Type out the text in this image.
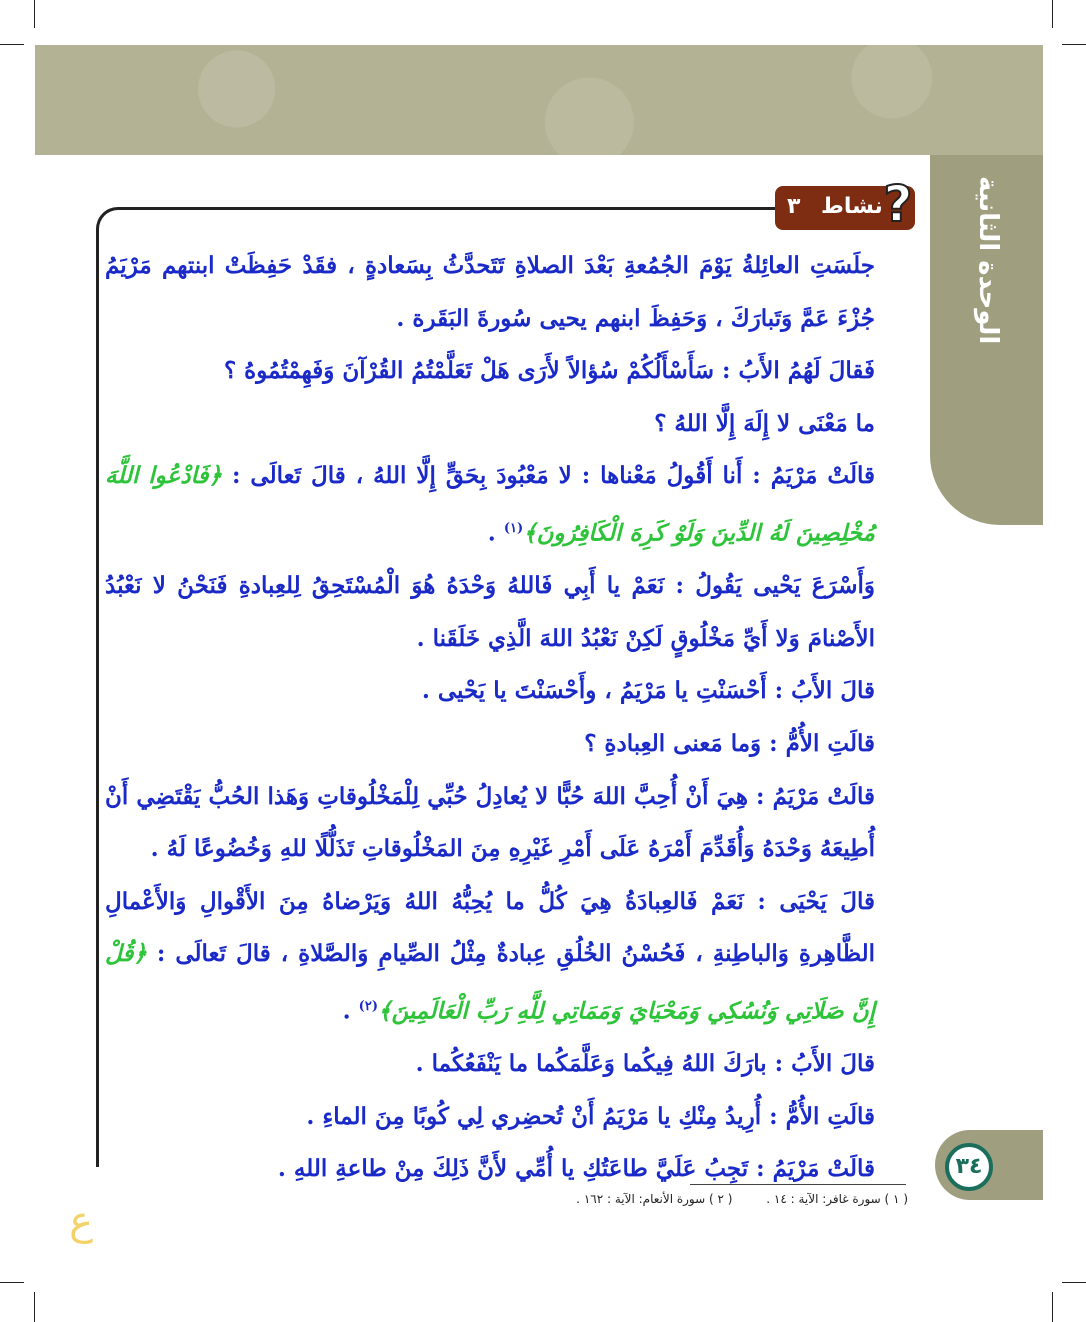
الوحدة الثانية
٣ نشاط ?

جلَسَتِ العائِلةُ يَوْمَ الجُمُعةِ بَعْدَ الصلاةِ تَتَحدَّثُ بِسَعادةٍ ، فقَدْ حَفِظَتْ ابنتهم مَرْيَمُ جُزْءَ عَمَّ وَتَبارَكَ ، وَحَفِظَ ابنهم يحيى سُورةَ البَقَرة .

فَقالَ لَهُمُ الأَبُ : سَأَسْأَلُكُمْ سُؤالاً لأَرَى هَلْ تَعَلَّمْتُمُ القُرْآنَ وَفَهِمْتُمُوهُ ؟

ما مَعْنَى لا إِلَهَ إِلَّا اللهُ ؟

قالَتْ مَرْيَمُ : أَنا أَقُولُ مَعْناها : لا مَعْبُودَ بِحَقٍّ إِلَّا اللهُ ، قالَ تَعالَى : ﴿فَادْعُوا اللَّهَ مُخْلِصِينَ لَهُ الدِّينَ وَلَوْ كَرِهَ الْكَافِرُونَ﴾$^{(١)}$ .

وَأَسْرَعَ يَحْيى يَقُولُ : نَعَمْ يا أَبِي فَاللهُ وَحْدَهُ هُوَ الْمُسْتَحِقُ لِلعِبادةِ فَنَحْنُ لا نَعْبُدُ الأَصْنامَ وَلا أَيِّ مَخْلُوقٍ لَكِنْ نَعْبُدُ اللهَ الَّذِي خَلَقَنا .

قالَ الأَبُ : أَحْسَنْتِ يا مَرْيَمُ ، وأَحْسَنْتَ يا يَحْيى .

قالَتِ الأُمُّ : وَما مَعنى العِبادةِ ؟

قالَتْ مَرْيَمُ : هِيَ أَنْ أُحِبَّ اللهَ حُبًّا لا يُعادِلُ حُبِّي لِلْمَخْلُوقاتِ وَهَذا الحُبُّ يَقْتَضِي أَنْ أُطِيعَهُ وَحْدَهُ وَأُقَدِّمَ أَمْرَهُ عَلَى أَمْرِ غَيْرِهِ مِنَ المَخْلُوقاتِ تَذَلُّلًا للهِ وَخُضُوعًا لَهُ .

قالَ يَحْيَى : نَعَمْ فَالعِبادَةُ هِيَ كُلُّ ما يُحِبُّهُ اللهُ وَيَرْضاهُ مِنَ الأَقْوالِ وَالأَعْمالِ الظَّاهِرةِ وَالباطِنةِ ، فَحُسْنُ الخُلُقِ عِبادةٌ مِثْلُ الصِّيامِ وَالصَّلاةِ ، قالَ تَعالَى : ﴿قُلْ إِنَّ صَلَاتِي وَنُسُكِي وَمَحْيَايَ وَمَمَاتِي لِلَّهِ رَبِّ الْعَالَمِينَ﴾$^{(٢)}$ .

قالَ الأَبُ : بارَكَ اللهُ فِيكُما وَعَلَّمَكُما ما يَنْفَعُكُما .

قالَتِ الأُمُّ : أُرِيدُ مِنْكِ يا مَرْيَمُ أَنْ تُحضِري لِي كُوبًا مِنَ الماءِ .

قالَتْ مَرْيَمُ : تَجِبُ عَلَيَّ طاعَتُكِ يا أُمِّي لأَنَّ ذَلِكَ مِنْ طاعةِ اللهِ .

( ١ ) سورة غافر: الآية : ١٤ . ( ٢ ) سورة الأنعام: الآية : ١٦٢ .
٣٤
ع
